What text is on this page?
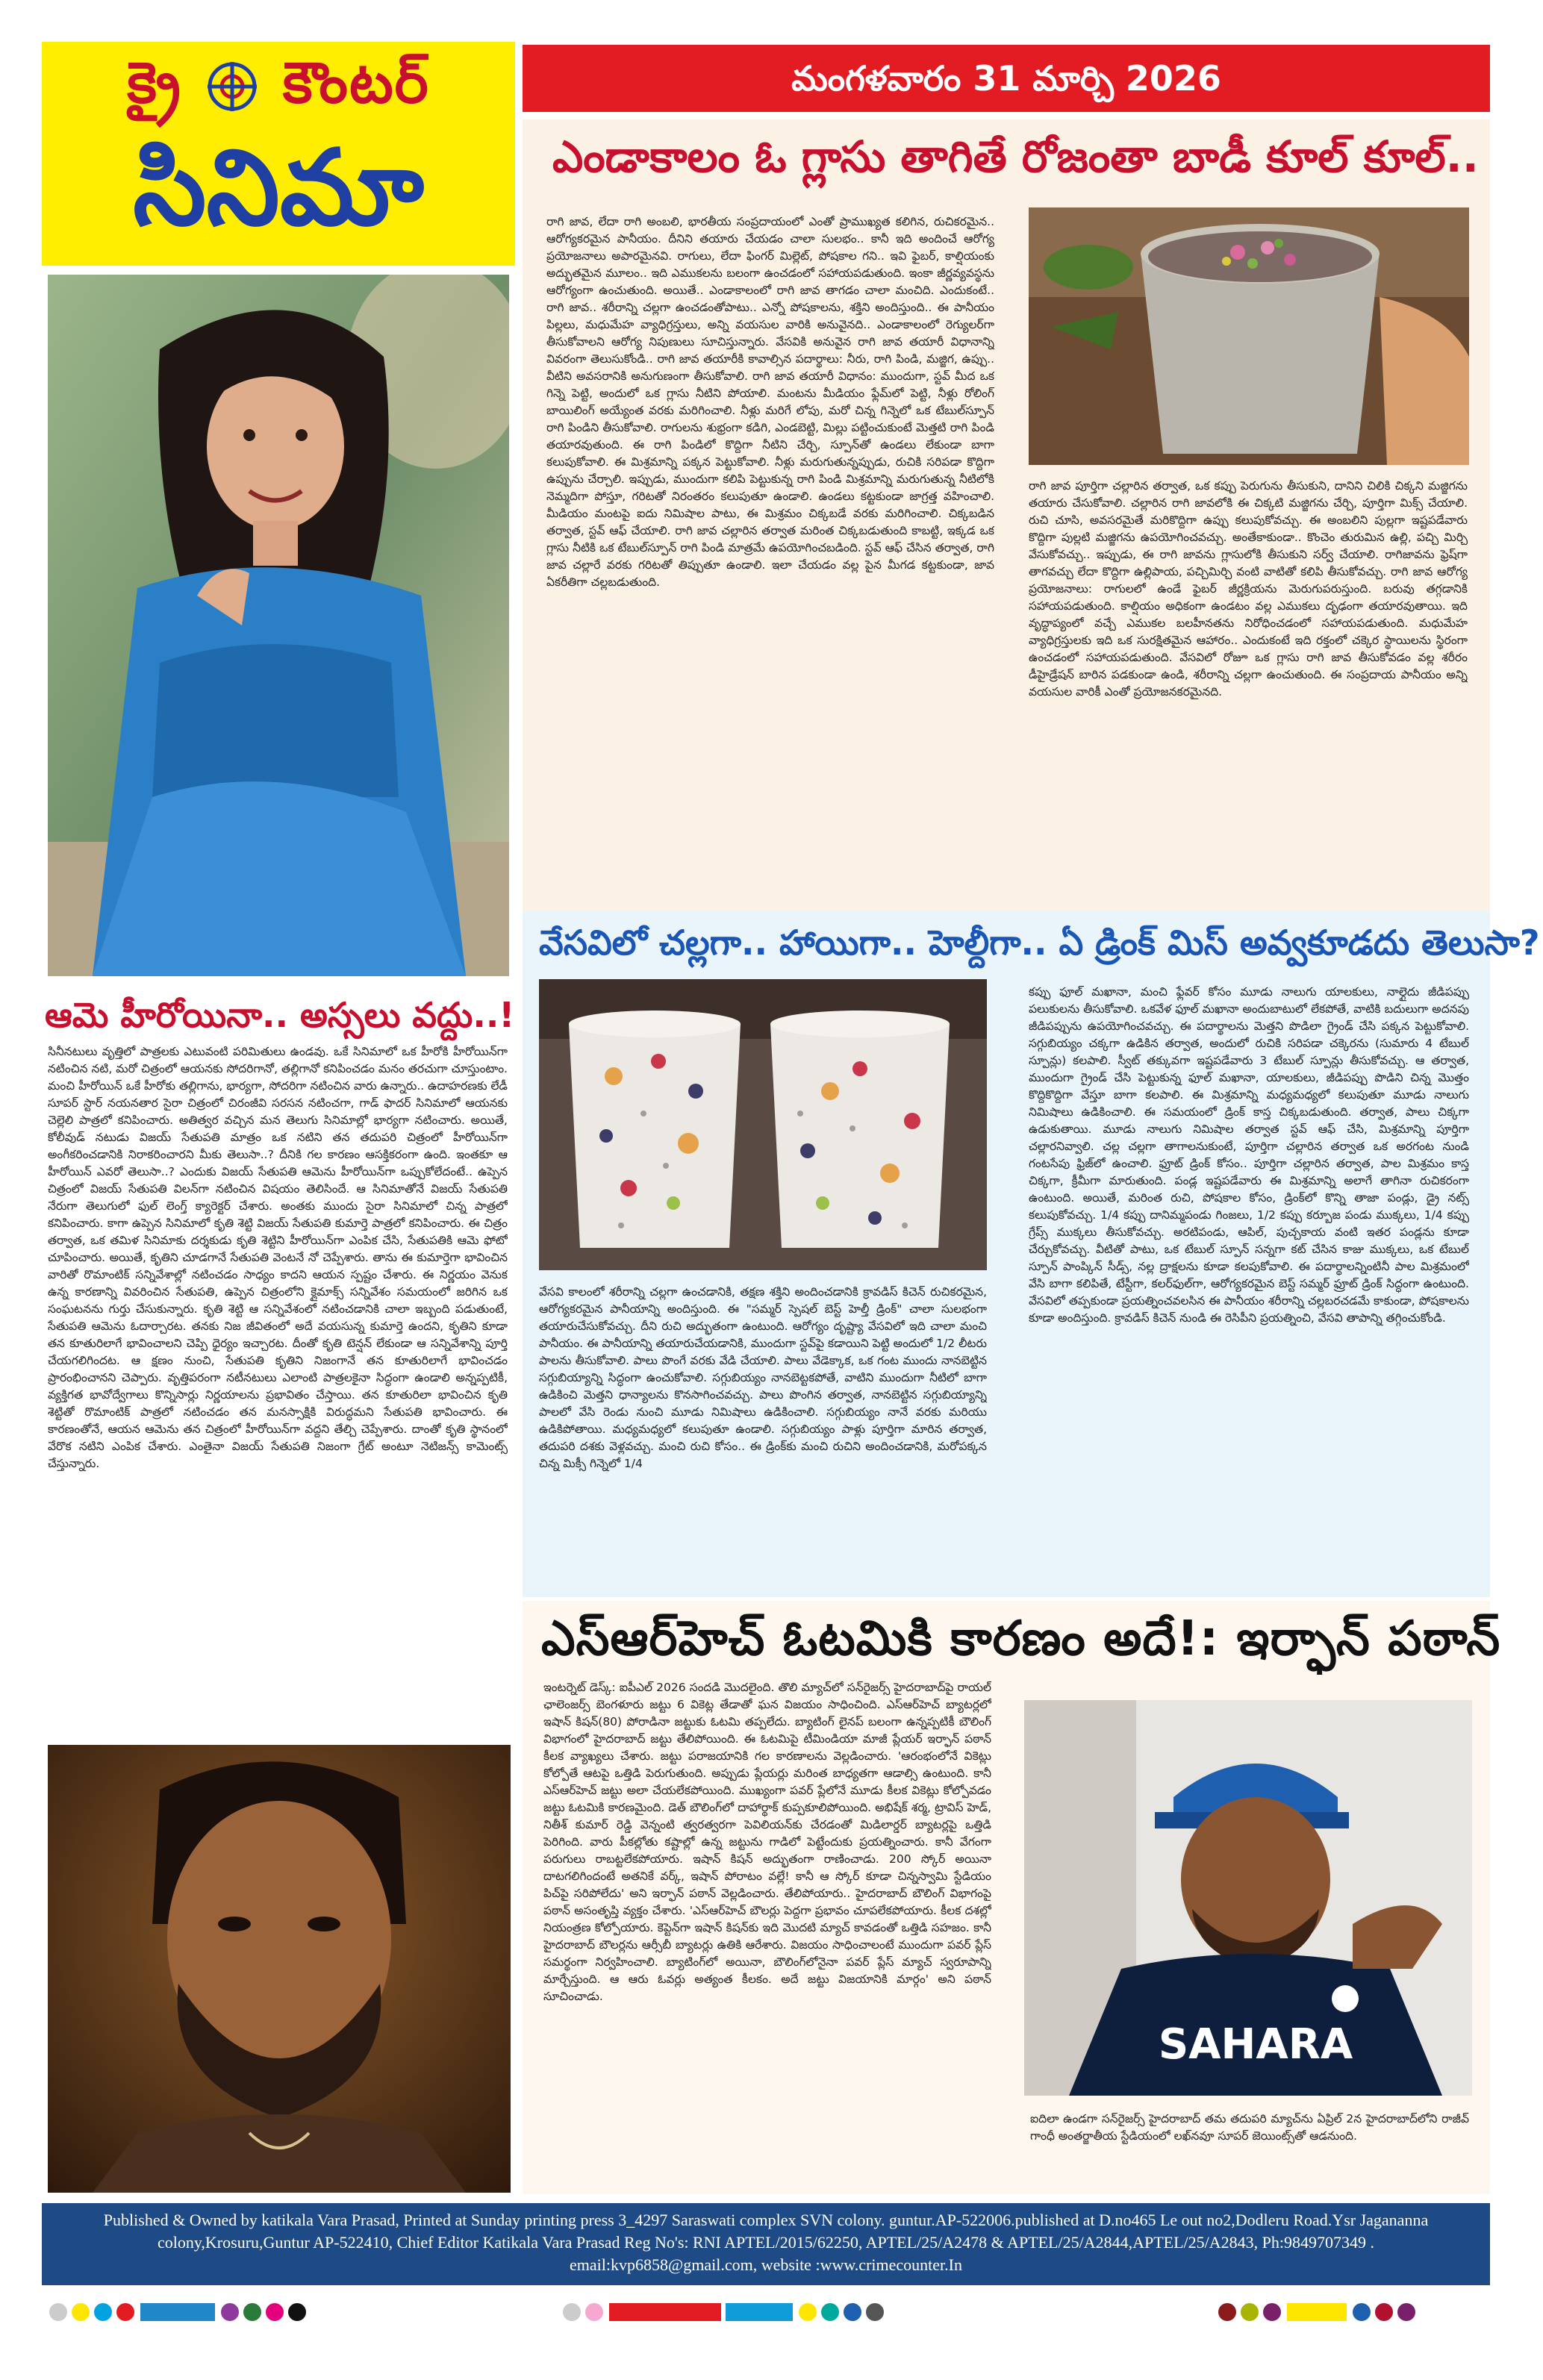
క్రై కౌంటర్
సినిమా
మంగళవారం 31 మార్చి 2026
ఆమె హీరోయినా.. అస్సలు వద్దు..!

సినీనటులు వృత్తిలో పాత్రలకు ఎటువంటి పరిమితులు ఉండవు. ఒకే సినిమాలో ఒక హీరోకి హీరోయిన్‌గా నటించిన నటి, మరో చిత్రంలో ఆయనకు సోదరిగానో, తల్లిగానో కనిపించడం మనం తరచుగా చూస్తుంటాం. మంచి హీరోయిన్ ఒకే హీరోకు తల్లిగాను, భార్యగా, సోదరిగా నటించిన వారు ఉన్నారు.. ఉదాహరణకు లేడీ సూపర్ స్టార్ నయనతార సైరా చిత్రంలో చిరంజీవి సరసన నటించగా, గాడ్ ఫాదర్ సినిమాలో ఆయనకు చెల్లెలి పాత్రలో కనిపించారు. అతిత్వర వచ్చిన మన తెలుగు సినిమాల్లో భార్యగా నటించారు. అయితే, కోలీవుడ్ నటుడు విజయ్ సేతుపతి మాత్రం ఒక నటిని తన తదుపరి చిత్రంలో హీరోయిన్‌గా అంగీకరించడానికి నిరాకరించారని మీకు తెలుసా..? దీనికి గల కారణం ఆసక్తికరంగా ఉంది. ఇంతకూ ఆ హీరోయిన్ ఎవరో తెలుసా..? ఎందుకు విజయ్ సేతుపతి ఆమెను హీరోయిన్‌గా ఒప్పుకోలేదంటే.. ఉప్పెన చిత్రంలో విజయ్ సేతుపతి విలన్‌గా నటించిన విషయం తెలిసిందే. ఆ సినిమాతోనే విజయ్ సేతుపతి నేరుగా తెలుగులో ఫుల్ లెంగ్త్ క్యారెక్టర్ చేశారు. అంతకు ముందు సైరా సినిమాలో చిన్న పాత్రలో కనిపించారు. కాగా ఉప్పెన సినిమాలో కృతి శెట్టి విజయ్ సేతుపతి కుమార్తె పాత్రలో కనిపించారు. ఈ చిత్రం తర్వాత, ఒక తమిళ సినిమాకు దర్శకుడు కృతి శెట్టిని హీరోయిన్‌గా ఎంపిక చేసి, సేతుపతికి ఆమె ఫోటో చూపించారు. అయితే, కృతిని చూడగానే సేతుపతి వెంటనే నో చెప్పేశారు. తాను ఈ కుమార్తెగా భావించిన వారితో రొమాంటిక్ సన్నివేశాల్లో నటించడం సాధ్యం కాదని ఆయన స్పష్టం చేశారు. ఈ నిర్ణయం వెనుక ఉన్న కారణాన్ని వివరించిన సేతుపతి, ఉప్పెన చిత్రంలోని క్లైమాక్స్ సన్నివేశం సమయంలో జరిగిన ఒక సంఘటనను గుర్తు చేసుకున్నారు. కృతి శెట్టి ఆ సన్నివేశంలో నటించడానికి చాలా ఇబ్బంది పడుతుంటే, సేతుపతి ఆమెను ఓదార్చారట. తనకు నిజ జీవితంలో అదే వయసున్న కుమార్తె ఉందని, కృతిని కూడా తన కూతురిలాగే భావించాలని చెప్పి ధైర్యం ఇచ్చారట. దీంతో కృతి టెన్షన్ లేకుండా ఆ సన్నివేశాన్ని పూర్తి చేయగలిగిందట. ఆ క్షణం నుంచి, సేతుపతి కృతిని నిజంగానే తన కూతురిలాగే భావించడం ప్రారంభించానని చెప్పారు. వృత్తిపరంగా నటీనటులు ఎలాంటి పాత్రలకైనా సిద్ధంగా ఉండాలి అన్నప్పటికీ, వ్యక్తిగత భావోద్వేగాలు కొన్నిసార్లు నిర్ణయాలను ప్రభావితం చేస్తాయి. తన కూతురిలా భావించిన కృతి శెట్టితో రొమాంటిక్ పాత్రలో నటించడం తన మనస్సాక్షికి విరుద్ధమని సేతుపతి భావించారు. ఈ కారణంతోనే, ఆయన ఆమెను తన చిత్రంలో హీరోయిన్‌గా వద్దని తేల్చి చెప్పేశారు. దాంతో కృతి స్థానంలో వేరొక నటిని ఎంపిక చేశారు. ఎంతైనా విజయ్ సేతుపతి నిజంగా గ్రేట్ అంటూ నెటిజన్స్ కామెంట్స్ చేస్తున్నారు.

ఎండాకాలం ఓ గ్లాసు తాగితే రోజంతా బాడీ కూల్ కూల్..

రాగి జావ, లేదా రాగి అంబలి, భారతీయ సంప్రదాయంలో ఎంతో ప్రాముఖ్యత కలిగిన, రుచికరమైన.. ఆరోగ్యకరమైన పానీయం. దీనిని తయారు చేయడం చాలా సులభం.. కానీ ఇది అందించే ఆరోగ్య ప్రయోజనాలు అపారమైనవి. రాగులు, లేదా ఫింగర్ మిల్లెట్, పోషకాల గని.. ఇవి ఫైబర్, కాల్షియంకు అద్భుతమైన మూలం.. ఇది ఎముకలను బలంగా ఉంచడంలో సహాయపడుతుంది. ఇంకా జీర్ణవ్యవస్థను ఆరోగ్యంగా ఉంచుతుంది. అయితే.. ఎండాకాలంలో రాగి జావ తాగడం చాలా మంచిది. ఎందుకంటే.. రాగి జావ.. శరీరాన్ని చల్లగా ఉంచడంతోపాటు.. ఎన్నో పోషకాలను, శక్తిని అందిస్తుంది.. ఈ పానీయం పిల్లలు, మధుమేహ వ్యాధిగ్రస్తులు, అన్ని వయసుల వారికి అనువైనది.. ఎండాకాలంలో రెగ్యులర్‌గా తీసుకోవాలని ఆరోగ్య నిపుణులు సూచిస్తున్నారు. వేసవికి అనువైన రాగి జావ తయారీ విధానాన్ని వివరంగా తెలుసుకోండి.. రాగి జావ తయారీకి కావాల్సిన పదార్థాలు: నీరు, రాగి పిండి, మజ్జిగ, ఉప్పు.. వీటిని అవసరానికి అనుగుణంగా తీసుకోవాలి. రాగి జావ తయారీ విధానం: ముందుగా, స్టవ్ మీద ఒక గిన్నె పెట్టి, అందులో ఒక గ్లాసు నీటిని పోయాలి. మంటను మీడియం ఫ్లేమ్‌లో పెట్టి, నీళ్లు రోలింగ్ బాయిలింగ్ అయ్యేంత వరకు మరిగించాలి. నీళ్లు మరిగే లోపు, మరో చిన్న గిన్నెలో ఒక టేబుల్‌స్పూన్ రాగి పిండిని తీసుకోవాలి. రాగులను శుభ్రంగా కడిగి, ఎండబెట్టి, మిల్లు పట్టించుకుంటే మెత్తటి రాగి పిండి తయారవుతుంది. ఈ రాగి పిండిలో కొద్దిగా నీటిని చేర్చి, స్పూన్‌తో ఉండలు లేకుండా బాగా కలుపుకోవాలి. ఈ మిశ్రమాన్ని పక్కన పెట్టుకోవాలి. నీళ్లు మరుగుతున్నప్పుడు, రుచికి సరిపడా కొద్దిగా ఉప్పును చేర్చాలి. ఇప్పుడు, ముందుగా కలిపి పెట్టుకున్న రాగి పిండి మిశ్రమాన్ని మరుగుతున్న నీటిలోకి నెమ్మదిగా పోస్తూ, గరిటతో నిరంతరం కలుపుతూ ఉండాలి. ఉండలు కట్టకుండా జాగ్రత్త వహించాలి. మీడియం మంటపై ఐదు నిమిషాల పాటు, ఈ మిశ్రమం చిక్కబడే వరకు మరిగించాలి. చిక్కబడిన తర్వాత, స్టవ్ ఆఫ్ చేయాలి. రాగి జావ చల్లారిన తర్వాత మరింత చిక్కబడుతుంది కాబట్టి, ఇక్కడ ఒక గ్లాసు నీటికి ఒక టేబుల్‌స్పూన్ రాగి పిండి మాత్రమే ఉపయోగించబడింది. స్టవ్ ఆఫ్ చేసిన తర్వాత, రాగి జావ చల్లారే వరకు గరిటతో తిప్పుతూ ఉండాలి. ఇలా చేయడం వల్ల పైన మీగడ కట్టకుండా, జావ ఏకరీతిగా చల్లబడుతుంది.

రాగి జావ పూర్తిగా చల్లారిన తర్వాత, ఒక కప్పు పెరుగును తీసుకుని, దానిని చిలికి చిక్కని మజ్జిగను తయారు చేసుకోవాలి. చల్లారిన రాగి జావలోకి ఈ చిక్కటి మజ్జిగను చేర్చి, పూర్తిగా మిక్స్ చేయాలి. రుచి చూసి, అవసరమైతే మరికొద్దిగా ఉప్పు కలుపుకోవచ్చు. ఈ అంబలిని పుల్లగా ఇష్టపడేవారు కొద్దిగా పుల్లటి మజ్జిగను ఉపయోగించవచ్చు. అంతేకాకుండా.. కొంచెం తురుమిన ఉల్లి, పచ్చి మిర్చి వేసుకోవచ్చు.. ఇప్పుడు, ఈ రాగి జావను గ్లాసులోకి తీసుకుని సర్వ్ చేయాలి. రాగిజావను ఫ్రెష్‌గా తాగవచ్చు లేదా కొద్దిగా ఉల్లిపాయ, పచ్చిమిర్చి వంటి వాటితో కలిపి తీసుకోవచ్చు. రాగి జావ ఆరోగ్య ప్రయోజనాలు: రాగులలో ఉండే ఫైబర్ జీర్ణక్రియను మెరుగుపరుస్తుంది. బరువు తగ్గడానికి సహాయపడుతుంది. కాల్షియం అధికంగా ఉండటం వల్ల ఎముకలు దృఢంగా తయారవుతాయి. ఇది వృద్ధాప్యంలో వచ్చే ఎముకల బలహీనతను నిరోధించడంలో సహాయపడుతుంది. మధుమేహ వ్యాధిగ్రస్తులకు ఇది ఒక సురక్షితమైన ఆహారం.. ఎందుకంటే ఇది రక్తంలో చక్కెర స్థాయిలను స్థిరంగా ఉంచడంలో సహాయపడుతుంది. వేసవిలో రోజూ ఒక గ్లాసు రాగి జావ తీసుకోవడం వల్ల శరీరం డీహైడ్రేషన్ బారిన పడకుండా ఉండి, శరీరాన్ని చల్లగా ఉంచుతుంది. ఈ సంప్రదాయ పానీయం అన్ని వయసుల వారికీ ఎంతో ప్రయోజనకరమైనది.

వేసవిలో చల్లగా.. హాయిగా.. హెల్దీగా.. ఏ డ్రింక్ మిస్ అవ్వకూడదు తెలుసా?

వేసవి కాలంలో శరీరాన్ని చల్లగా ఉంచడానికి, తక్షణ శక్తిని అందించడానికి క్రావడిస్ కిచెన్ రుచికరమైన, ఆరోగ్యకరమైన పానీయాన్ని అందిస్తుంది. ఈ "సమ్మర్ స్పెషల్ బెస్ట్ హెల్తీ డ్రింక్" చాలా సులభంగా తయారుచేసుకోవచ్చు. దీని రుచి అద్భుతంగా ఉంటుంది. ఆరోగ్యం దృష్ట్యా వేసవిలో ఇది చాలా మంచి పానీయం. ఈ పానీయాన్ని తయారుచేయడానికి, ముందుగా స్టవ్‌పై కడాయిని పెట్టి అందులో 1/2 లీటరు పాలను తీసుకోవాలి. పాలు పొంగే వరకు వేడి చేయాలి. పాలు వేడెక్కాక, ఒక గంట ముందు నానబెట్టిన సగ్గుబియ్యాన్ని సిద్ధంగా ఉంచుకోవాలి. సగ్గుబియ్యం నానబెట్టకపోతే, వాటిని ముందుగా నీటిలో బాగా ఉడికించి మెత్తని ధాన్యాలను కొనసాగించవచ్చు. పాలు పొంగిన తర్వాత, నానబెట్టిన సగ్గుబియ్యాన్ని పాలలో వేసి రెండు నుంచి మూడు నిమిషాలు ఉడికించాలి. సగ్గుబియ్యం నానే వరకు మరియు ఉడికిపోతాయి. మధ్యమధ్యలో కలుపుతూ ఉండాలి. సగ్గుబియ్యం పాళ్లు పూర్తిగా మారిన తర్వాత, తదుపరి దశకు వెళ్లవచ్చు. మంచి రుచి కోసం.. ఈ డ్రింక్‌కు మంచి రుచిని అందించడానికి, మరోపక్కన చిన్న మిక్సీ గిన్నెలో 1/4

కప్పు ఫూల్ మఖానా, మంచి ఫ్లేవర్ కోసం మూడు నాలుగు యాలకులు, నాల్గైదు జీడిపప్పు పలుకులను తీసుకోవాలి. ఒకవేళ ఫూల్ మఖానా అందుబాటులో లేకపోతే, వాటికి బదులుగా అదనపు జీడిపప్పును ఉపయోగించవచ్చు. ఈ పదార్థాలను మెత్తని పొడిలా గ్రైండ్ చేసి పక్కన పెట్టుకోవాలి. సగ్గుబియ్యం చక్కగా ఉడికిన తర్వాత, అందులో రుచికి సరిపడా చక్కెరను (సుమారు 4 టేబుల్ స్పూన్లు) కలపాలి. స్వీట్ తక్కువగా ఇష్టపడేవారు 3 టేబుల్ స్పూన్లు తీసుకోవచ్చు. ఆ తర్వాత, ముందుగా గ్రైండ్ చేసి పెట్టుకున్న ఫూల్ మఖానా, యాలకులు, జీడిపప్పు పొడిని చిన్న మొత్తం కొద్దికొద్దిగా వేస్తూ బాగా కలపాలి. ఈ మిశ్రమాన్ని మధ్యమధ్యలో కలుపుతూ మూడు నాలుగు నిమిషాలు ఉడికించాలి. ఈ సమయంలో డ్రింక్ కాస్త చిక్కబడుతుంది. తర్వాత, పాలు చిక్కగా ఉడుకుతాయి. మూడు నాలుగు నిమిషాల తర్వాత స్టవ్ ఆఫ్ చేసి, మిశ్రమాన్ని పూర్తిగా చల్లారనివ్వాలి. చల్ల చల్లగా తాగాలనుకుంటే, పూర్తిగా చల్లారిన తర్వాత ఒక అరగంట నుండి గంటసేపు ఫ్రిజ్‌లో ఉంచాలి. ఫ్రూట్ డ్రింక్ కోసం.. పూర్తిగా చల్లారిన తర్వాత, పాల మిశ్రమం కాస్త చిక్కగా, క్రీమీగా మారుతుంది. పండ్ల ఇష్టపడేవారు ఈ మిశ్రమాన్ని అలాగే తాగినా రుచికరంగా ఉంటుంది. అయితే, మరింత రుచి, పోషకాల కోసం, డ్రింక్‌లో కొన్ని తాజా పండ్లు, డ్రై నట్స్ కలుపుకోవచ్చు. 1/4 కప్పు దానిమ్మపండు గింజలు, 1/2 కప్పు కర్బూజ పండు ముక్కలు, 1/4 కప్పు గ్రేప్స్ ముక్కలు తీసుకోవచ్చు. అరటిపండు, ఆపిల్, పుచ్చకాయ వంటి ఇతర పండ్లను కూడా చేర్చుకోవచ్చు. వీటితో పాటు, ఒక టేబుల్ స్పూన్ సన్నగా కట్ చేసిన కాజు ముక్కలు, ఒక టేబుల్ స్పూన్ పాంప్కిన్ సీడ్స్, నల్ల ద్రాక్షలను కూడా కలపుకోవాలి. ఈ పదార్థాలన్నింటినీ పాల మిశ్రమంలో వేసి బాగా కలిపితే, టేస్టీగా, కలర్‌ఫుల్‌గా, ఆరోగ్యకరమైన బెస్ట్ సమ్మర్ ఫ్రూట్ డ్రింక్ సిద్ధంగా ఉంటుంది. వేసవిలో తప్పకుండా ప్రయత్నించవలసిన ఈ పానీయం శరీరాన్ని చల్లబరచడమే కాకుండా, పోషకాలను కూడా అందిస్తుంది. క్రావడిస్ కిచెన్ నుండి ఈ రెసిపీని ప్రయత్నించి, వేసవి తాపాన్ని తగ్గించుకోండి.

ఎస్ఆర్‌హెచ్ ఓటమికి కారణం అదే!: ఇర్ఫాన్ పఠాన్

ఇంటర్నెట్ డెస్క్: ఐపీఎల్ 2026 సందడి మొదలైంది. తొలి మ్యాచ్‌లో సన్‌రైజర్స్ హైదరాబాద్‌పై రాయల్ ఛాలెంజర్స్ బెంగళూరు జట్టు 6 వికెట్ల తేడాతో ఘన విజయం సాధించింది. ఎస్ఆర్‌హెచ్ బ్యాటర్లలో ఇషాన్ కిషన్(80) పోరాడినా జట్టుకు ఓటమి తప్పలేదు. బ్యాటింగ్ లైనప్ బలంగా ఉన్నప్పటికీ బౌలింగ్ విభాగంలో హైదరాబాద్ జట్టు తేలిపోయింది. ఈ ఓటమిపై టీమిండియా మాజీ ప్లేయర్ ఇర్ఫాన్ పఠాన్ కీలక వ్యాఖ్యలు చేశారు. జట్టు పరాజయానికి గల కారణాలను వెల్లడించారు. 'ఆరంభంలోనే వికెట్లు కోల్పోతే ఆటపై ఒత్తిడి పెరుగుతుంది. అప్పుడు ప్లేయర్లు మరింత బాధ్యతగా ఆడాల్సి ఉంటుంది. కానీ ఎస్ఆర్‌హెచ్ జట్టు అలా చేయలేకపోయింది. ముఖ్యంగా పవర్ ప్లేలోనే మూడు కీలక వికెట్లు కోల్పోవడం జట్టు ఓటమికి కారణమైంది. డెత్ బౌలింగ్‌లో దాహార్థాక్ కుప్పకూలిపోయింది. అభిషేక్ శర్మ, ట్రావిస్ హెడ్, నితీశ్ కుమార్ రెడ్డి వెన్నంటి త్వరత్వరగా పెవిలియన్‌కు చేరడంతో మిడిలార్డర్ బ్యాటర్లపై ఒత్తిడి పెరిగింది. వారు పీకల్లోతు కష్టాల్లో ఉన్న జట్టును గాడిలో పెట్టేందుకు ప్రయత్నించారు. కానీ వేగంగా పరుగులు రాబట్టలేకపోయారు. ఇషాన్ కిషన్ అద్భుతంగా రాణించాడు. 200 స్కోర్ అయినా దాటగలిగిందంటే అతనికే వర్క్, ఇషాన్ పోరాటం వల్లే! కానీ ఆ స్కోర్ కూడా చిన్నస్వామి స్టేడియం పిచ్‌పై సరిపోలేదు' అని ఇర్ఫాన్ పఠాన్ వెల్లడించారు. తేలిపోయారు.. హైదరాబాద్ బౌలింగ్ విభాగంపై పఠాన్ అసంతృప్తి వ్యక్తం చేశారు. 'ఎస్ఆర్‌హెచ్ బౌలర్లు పెద్దగా ప్రభావం చూపలేకపోయారు. కీలక దశల్లో నియంత్రణ కోల్పోయారు. కెప్టెన్‌గా ఇషాన్ కిషన్‌కు ఇది మొదటి మ్యాచ్ కావడంతో ఒత్తిడి సహజం. కానీ హైదరాబాద్ బౌలర్లను ఆర్సీబీ బ్యాటర్లు ఉతికి ఆరేశారు. విజయం సాధించాలంటే ముందుగా పవర్ ప్లేస్ సమర్థంగా నిర్వహించాలి. బ్యాటింగ్‌లో అయినా, బౌలింగ్‌లోనైనా పవర్ ప్లేస్ మ్యాచ్ స్వరూపాన్ని మార్చేస్తుంది. ఆ ఆరు ఓవర్లు అత్యంత కీలకం. అదే జట్టు విజయానికి మార్గం' అని పఠాన్ సూచించాడు.

SAHARA

ఐదిలా ఉండగా సన్‌రైజర్స్ హైదరాబాద్ తమ తదుపరి మ్యాచ్‌ను ఏప్రిల్ 2న హైదరాబాద్‌లోని రాజీవ్ గాంధీ అంతర్జాతీయ స్టేడియంలో లఖ్‌నవూ సూపర్ జెయింట్స్‌తో ఆడనుంది.

Published & Owned by katikala Vara Prasad, Printed at Sunday printing press 3_4297 Saraswati complex SVN colony. guntur.AP-522006.published at D.no465 Le out no2,Dodleru Road.Ysr Jagananna

colony,Krosuru,Guntur AP-522410, Chief Editor Katikala Vara Prasad Reg No's: RNI APTEL/2015/62250, APTEL/25/A2478 & APTEL/25/A2844,APTEL/25/A2843, Ph:9849707349 .

email:kvp6858@gmail.com, website :www.crimecounter.In
